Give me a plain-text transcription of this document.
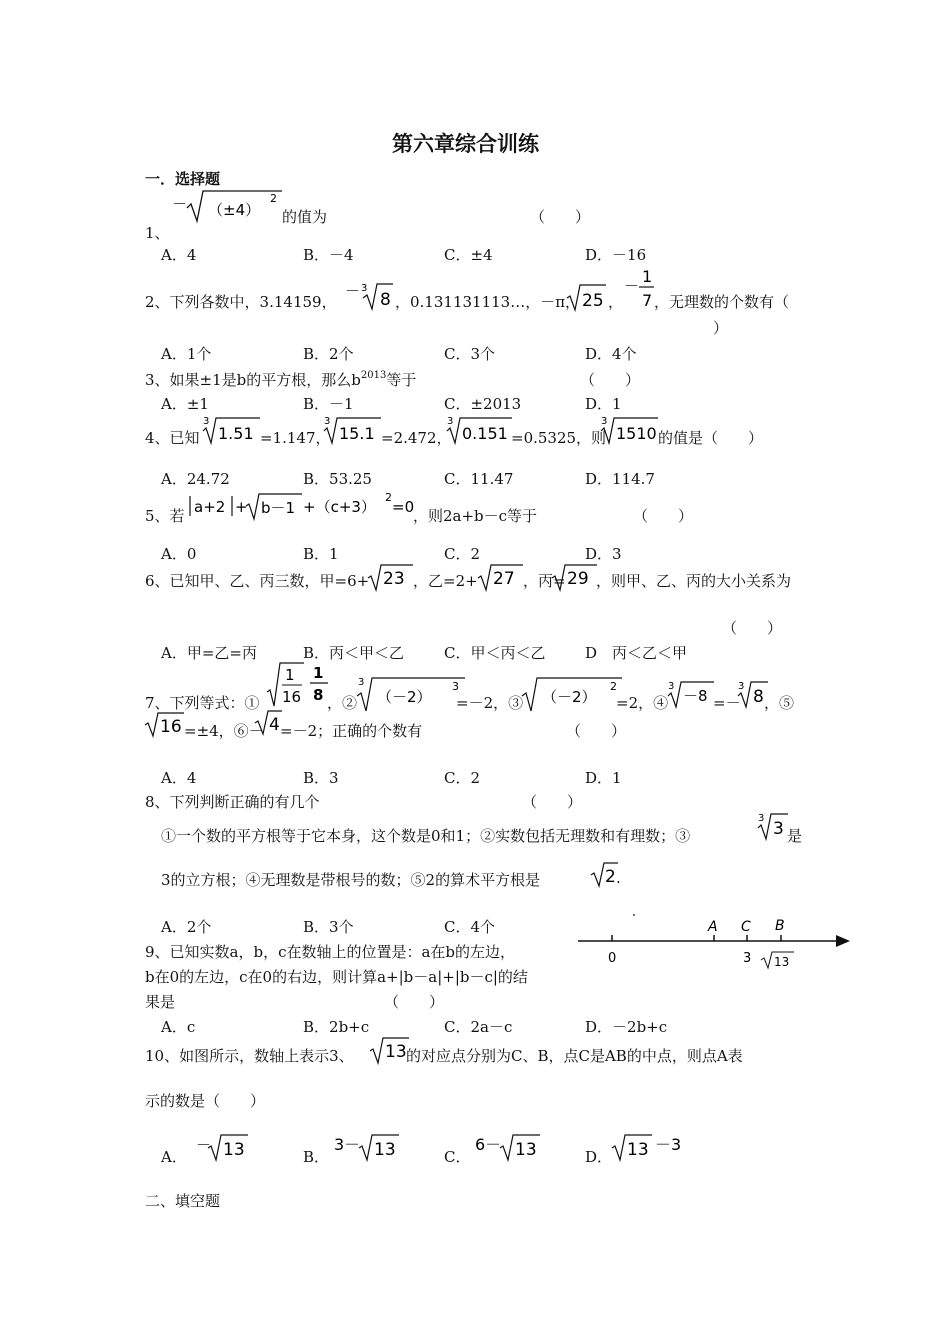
第六章综合训练
一．选择题
－ （±4）
2
的值为
1、
（　　）
A．4	B．－4	C．±4	D．－16
2、下列各数中，3.14159，
－ 3
8 ，0.131131113…，－π， 25 ，
－ 1
7 ，无理数的个数有（
）
A．1个	B．2个	C．3个	D．4个
3、如果±1是b的平方根，那么$b^{2013}$等于	（　　）
A．±1	B．－1	C．±2013	D．1
4、已知
3
1.51 =1.147，
3
15.1 =2.472，
3
0.151 =0.5325，则
3
1510 的值是（　　）
A．24.72	B．53.25	C．11.47	D．114.7
5、若 a+2 + b－1 +（c+3）
2
=0
，则2a+b－c等于	（　　）
A．0	B．1	C．2	D．3
6、已知甲、乙、丙三数，甲=6+ 23 ，乙=2+ 27 ，丙= 29 ，则甲、乙、丙的大小关系为
（　　）
A．甲=乙=丙	B．丙＜甲＜乙	C．甲＜丙＜乙	D　丙＜乙＜甲
7、下列等式：①
1
16
1
8 ，②
3
（－2）
3
=－2，③ （－2）
2
=2，④
3
－8 =－
3
8 ，⑤
16 =±4，⑥－ 4 =－2；正确的个数有	（　　）
A．4	B．3	C．2	D．1
8、下列判断正确的有几个	（　　）
①一个数的平方根等于它本身，这个数是0和1；②实数包括无理数和有理数；③
3
3 是
3的立方根；④无理数是带根号的数；⑤2的算术平方根是	2 .
A．2个	B．3个	C．4个
0
A C B
3 13
9、已知实数a，b，c在数轴上的位置是：a在b的左边，
b在0的左边，c在0的右边，则计算a+|b－a|+|b－c|的结
果是	（　　）
A．c	B．2b+c	C．2a－c	D．－2b+c
10、如图所示，数轴上表示3、 13 的对应点分别为C、B，点C是AB的中点，则点A表
示的数是（　　）
A．
－ 13	B．
3－ 13	C．
6－ 13	D． 13 －3
二、填空题
